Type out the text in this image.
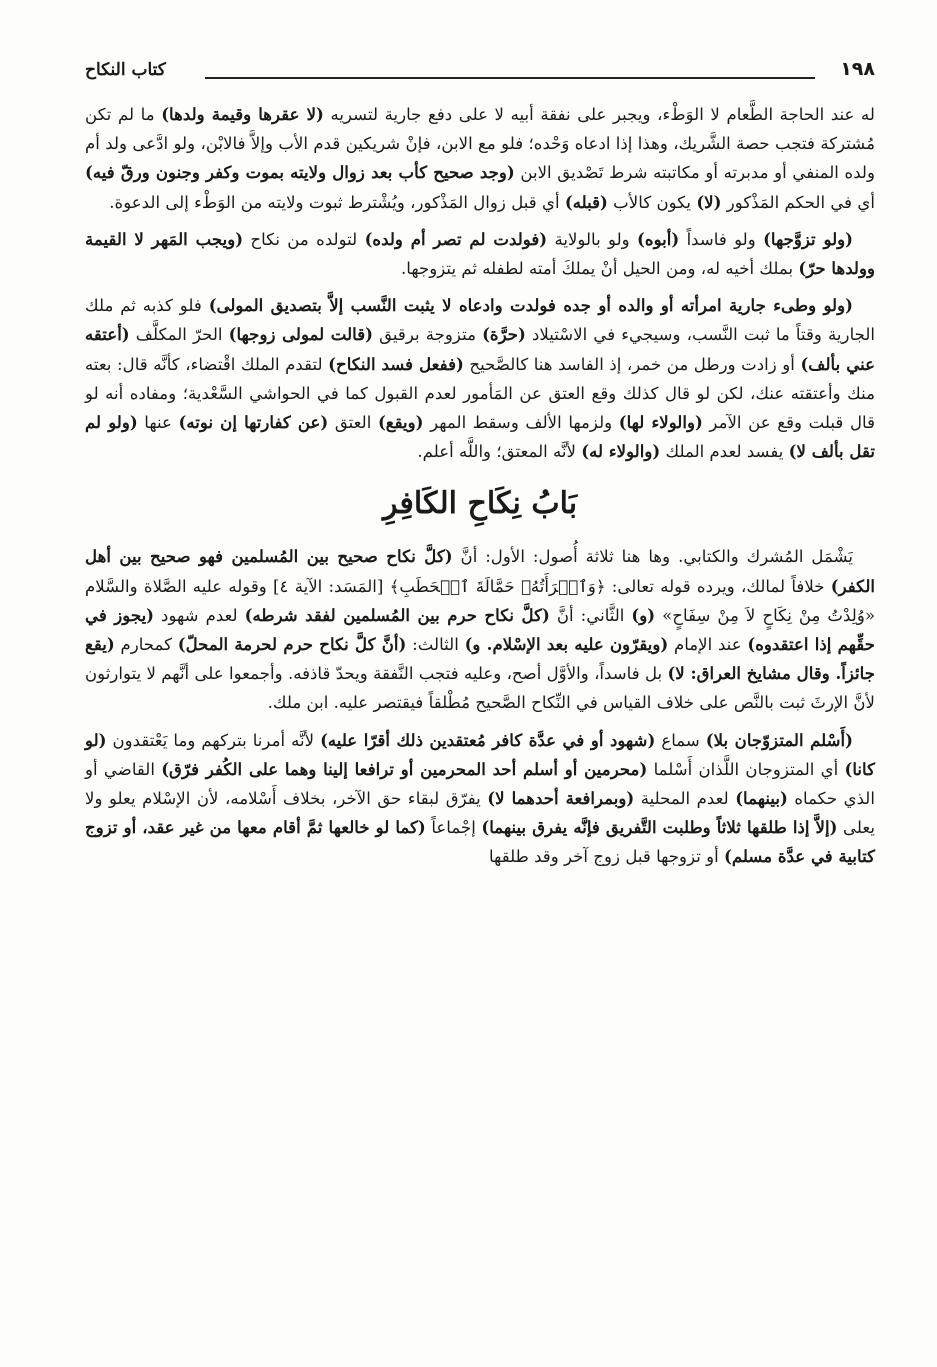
١٩٨
كتاب النكاح

له عند الحاجة الطَّعام لا الوَطْء، ويجبر على نفقة أبيه لا على دفع جارية لتسريه (لا عقرها وقيمة ولدها) ما لم تكن مُشتركة فتجب حصة الشَّريك، وهذا إذا ادعاه وَحْده؛ فلو مع الابن، فإنْ شريكين قدم الأب وإلاَّ فالابْن، ولو ادَّعى ولد أم ولده المنفي أو مدبرته أو مكاتبته شرط تَصْديق الابن (وجد صحيح كأب بعد زوال ولايته بموت وكفر وجنون ورقّ فيه) أي في الحكم المَذْكور (لا) يكون كالأب (قبله) أي قبل زوال المَذْكور، ويُشْترط ثبوت ولايته من الوَطْء إلى الدعوة.

(ولو تزوَّجها) ولو فاسداً (أبوه) ولو بالولاية (فولدت لم تصر أم ولده) لتولده من نكاح (ويجب المَهر لا القيمة وولدها حرّ) بملك أخيه له، ومن الحيل أنْ يملكَ أمته لطفله ثم يتزوجها.

(ولو وطىء جارية امرأته أو والده أو جده فولدت وادعاه لا يثبت النَّسب إلاَّ بتصديق المولى) فلو كذبه ثم ملك الجارية وقتاً ما ثبت النَّسب، وسيجيء في الاسْتيلاد (حرَّة) متزوجة برقيق (قالت لمولى زوجها) الحرّ المكلَّف (أعتقه عني بألف) أو زادت ورطل من خمر، إذ الفاسد هنا كالصَّحيح (ففعل فسد النكاح) لتقدم الملك اقْتضاء، كأنَّه قال: بعته منك وأعتقته عنك، لكن لو قال كذلك وقع العتق عن المَأمور لعدم القبول كما في الحواشي السَّعْدية؛ ومفاده أنه لو قال قبلت وقع عن الآمر (والولاء لها) ولزمها الألف وسقط المهر (ويقع) العتق (عن كفارتها إن نوته) عنها (ولو لم تقل بألف لا) يفسد لعدم الملك (والولاء له) لأنَّه المعتق؛ واللَّه أعلم.

بَابُ نِكَاحِ الكَافِرِ

يَشْمَل المُشرك والكتابي. وها هنا ثلاثة أُصول: الأول: أنَّ (كلَّ نكاح صحيح بين المُسلمين فهو صحيح بين أهل الكفر) خلافاً لمالك، ويرده قوله تعالى: ﴿وَٱمۡرَأَتُهُۥ حَمَّالَةَ ٱلۡحَطَبِ﴾ [المَسَد: الآية ٤] وقوله عليه الصَّلاة والسَّلام «وُلِدْتُ مِنْ نِكَاحٍ لاَ مِنْ سِفَاحٍ» (و) الثَّاني: أنَّ (كلَّ نكاح حرم بين المُسلمين لفقد شرطه) لعدم شهود (يجوز في حقِّهم إذا اعتقدوه) عند الإمام (ويقرّون عليه بعد الإسْلام. و) الثالث: (أنَّ كلَّ نكاح حرم لحرمة المحلّ) كمحارم (يقع جائزاً. وقال مشايخ العراق: لا) بل فاسداً، والأوَّل أصح، وعليه فتجب النَّفقة ويحدّ قاذفه. وأجمعوا على أنَّهم لا يتوارثون لأنَّ الإرثَ ثبت بالنَّص على خلاف القياس في النِّكاح الصَّحيح مُطْلقاً فيقتصر عليه. ابن ملك.

(أَسْلم المتزوّجان بلا) سماع (شهود أو في عدَّة كافر مُعتقدين ذلك أقرّا عليه) لأنَّه أمرنا بتركهم وما يَعْتقدون (لو كانا) أي المتزوجان اللَّذان أَسْلما (محرمين أو أسلم أحد المحرمين أو ترافعا إلينا وهما على الكُفر فرّق) القاضي أو الذي حكماه (بينهما) لعدم المحلية (وبمرافعة أحدهما لا) يفرّق لبقاء حق الآخر، بخلاف أَسْلامه، لأن الإسْلام يعلو ولا يعلى (إلاَّ إذا طلقها ثلاثاً وطلبت التَّفريق فإنَّه يفرق بينهما) إجْماعاً (كما لو خالعها ثمَّ أقام معها من غير عقد، أو تزوج كتابية في عدَّة مسلم) أو تزوجها قبل زوج آخر وقد طلقها
